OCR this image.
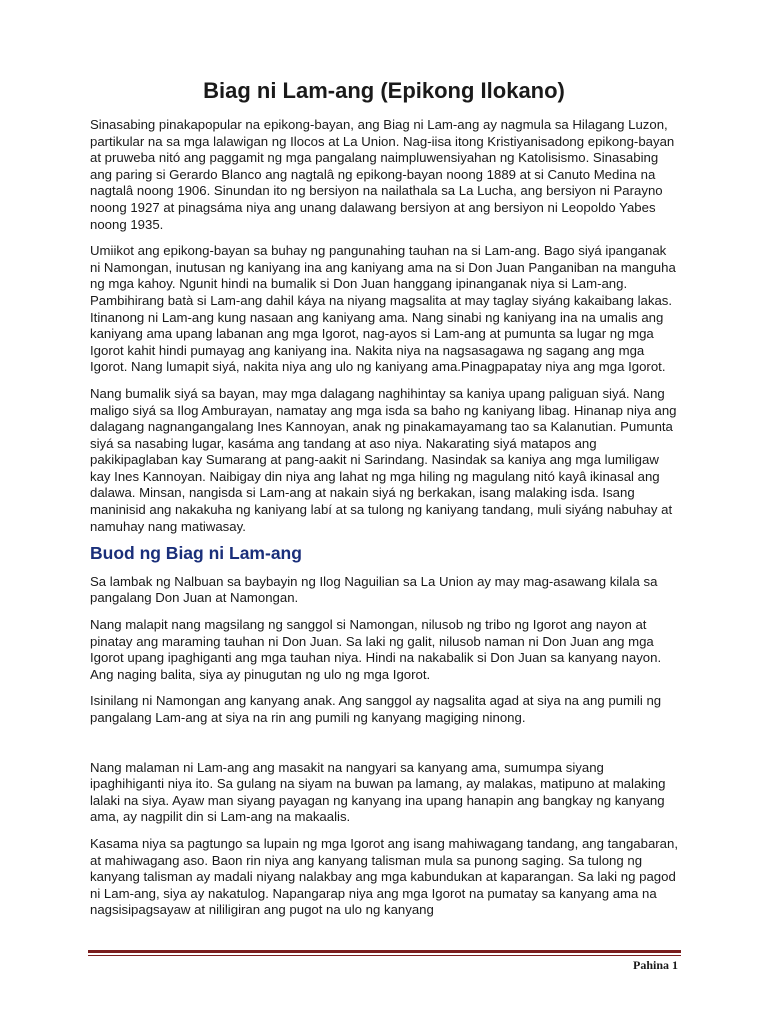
Biag ni Lam-ang (Epikong Ilokano)

Sinasabing pinakapopular na epikong-bayan, ang Biag ni Lam-ang ay nagmula sa Hilagang Luzon, partikular na sa mga lalawigan ng Ilocos at La Union. Nag-iisa itong Kristiyanisadong epikong-bayan at pruweba nitó ang paggamit ng mga pangalang naimpluwensiyahan ng Katolisismo. Sinasabing ang paring si Gerardo Blanco ang nagtalâ ng epikong-bayan noong 1889 at si Canuto Medina na nagtalâ noong 1906. Sinundan ito ng bersiyon na nailathala sa La Lucha, ang bersiyon ni Parayno noong 1927 at pinagsáma niya ang unang dalawang bersiyon at ang bersiyon ni Leopoldo Yabes noong 1935.

Umiikot ang epikong-bayan sa buhay ng pangunahing tauhan na si Lam-ang. Bago siyá ipanganak ni Namongan, inutusan ng kaniyang ina ang kaniyang ama na si Don Juan Panganiban na manguha ng mga kahoy. Ngunit hindi na bumalik si Don Juan hanggang ipinanganak niya si Lam-ang. Pambihirang batà si Lam-ang dahil káya na niyang magsalita at may taglay siyáng kakaibang lakas. Itinanong ni Lam-ang kung nasaan ang kaniyang ama. Nang sinabi ng kaniyang ina na umalis ang kaniyang ama upang labanan ang mga Igorot, nag-ayos si Lam-ang at pumunta sa lugar ng mga Igorot kahit hindi pumayag ang kaniyang ina. Nakita niya na nagsasagawa ng sagang ang mga Igorot. Nang lumapit siyá, nakita niya ang ulo ng kaniyang ama.Pinagpapatay niya ang mga Igorot.

Nang bumalik siyá sa bayan, may mga dalagang naghihintay sa kaniya upang paliguan siyá. Nang maligo siyá sa Ilog Amburayan, namatay ang mga isda sa baho ng kaniyang libag. Hinanap niya ang dalagang nagnangangalang Ines Kannoyan, anak ng pinakamayamang tao sa Kalanutian. Pumunta siyá sa nasabing lugar, kasáma ang tandang at aso niya. Nakarating siyá matapos ang pakikipaglaban kay Sumarang at pang-aakit ni Sarindang. Nasindak sa kaniya ang mga lumiligaw kay Ines Kannoyan. Naibigay din niya ang lahat ng mga hiling ng magulang nitó kayâ ikinasal ang dalawa. Minsan, nangisda si Lam-ang at nakain siyá ng berkakan, isang malaking isda. Isang maninisid ang nakakuha ng kaniyang labí at sa tulong ng kaniyang tandang, muli siyáng nabuhay at namuhay nang matiwasay.

Buod ng Biag ni Lam-ang

Sa lambak ng Nalbuan sa baybayin ng Ilog Naguilian sa La Union ay may mag-asawang kilala sa pangalang Don Juan at Namongan.

Nang malapit nang magsilang ng sanggol si Namongan, nilusob ng tribo ng Igorot ang nayon at pinatay ang maraming tauhan ni Don Juan. Sa laki ng galit, nilusob naman ni Don Juan ang mga Igorot upang ipaghiganti ang mga tauhan niya. Hindi na nakabalik si Don Juan sa kanyang nayon. Ang naging balita, siya ay pinugutan ng ulo ng mga Igorot.

Isinilang ni Namongan ang kanyang anak. Ang sanggol ay nagsalita agad at siya na ang pumili ng pangalang Lam-ang at siya na rin ang pumili ng kanyang magiging ninong.

Nang malaman ni Lam-ang ang masakit na nangyari sa kanyang ama, sumumpa siyang ipaghihiganti niya ito. Sa gulang na siyam na buwan pa lamang, ay malakas, matipuno at malaking lalaki na siya. Ayaw man siyang payagan ng kanyang ina upang hanapin ang bangkay ng kanyang ama, ay nagpilit din si Lam-ang na makaalis.

Kasama niya sa pagtungo sa lupain ng mga Igorot ang isang mahiwagang tandang, ang tangabaran, at mahiwagang aso. Baon rin niya ang kanyang talisman mula sa punong saging. Sa tulong ng kanyang talisman ay madali niyang nalakbay ang mga kabundukan at kaparangan. Sa laki ng pagod ni Lam-ang, siya ay nakatulog. Napangarap niya ang mga Igorot na pumatay sa kanyang ama na nagsisipagsayaw at nililigiran ang pugot na ulo ng kanyang

Pahina 1
